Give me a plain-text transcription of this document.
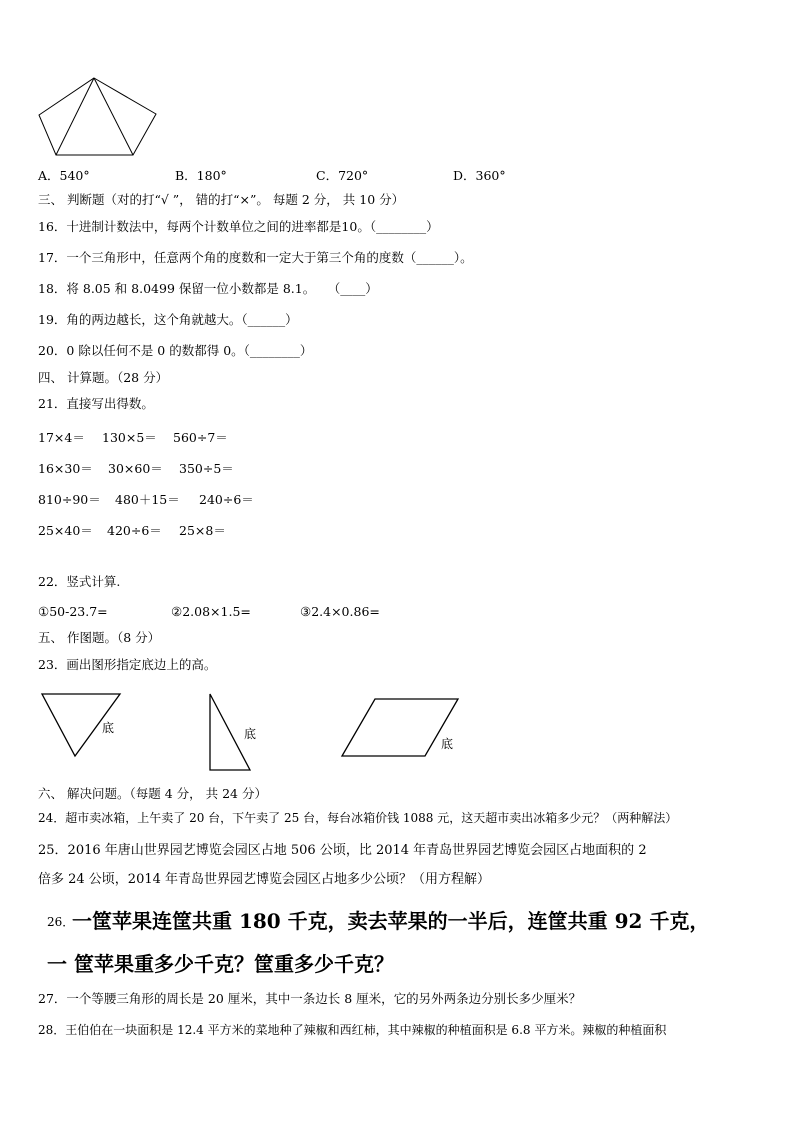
A．540°	B．180°	C．720°	D．360°
三、 判断题（对的打“√ ”， 错的打“×”。 每题 2 分， 共 10 分）
16．十进制计数法中，每两个计数单位之间的进率都是10。（________）
17．一个三角形中，任意两个角的度数和一定大于第三个角的度数（______）。
18．将 8.05 和 8.0499 保留一位小数都是 8.1。　　（____）
19．角的两边越长，这个角就越大。（______）
20．0 除以任何不是 0 的数都得 0。（________）
四、 计算题。（28 分）
21．直接写出得数。
17×4＝ 130×5＝ 560÷7＝
16×30＝ 30×60＝ 350÷5＝
810÷90＝ 480＋15＝ 240÷6＝
25×40＝ 420÷6＝ 25×8＝
22．竖式计算.
①50-23.7=	②2.08×1.5=	③2.4×0.86=
五、 作图题。（8 分）
23．画出图形指定底边上的高。
底	底
底
六、 解决问题。（每题 4 分， 共 24 分）
24．超市卖冰箱，上午卖了 20 台，下午卖了 25 台，每台冰箱价钱 1088 元，这天超市卖出冰箱多少元？（两种解法）
25．2016 年唐山世界园艺博览会园区占地 506 公顷，比 2014 年青岛世界园艺博览会园区占地面积的 2
倍多 24 公顷，2014 年青岛世界园艺博览会园区占地多少公顷？（用方程解）
26．
一筐苹果连筐共重 180 千克，卖去苹果的一半后，连筐共重 92 千克，
一 筐苹果重多少千克？筐重多少千克？
27．一个等腰三角形的周长是 20 厘米，其中一条边长 8 厘米，它的另外两条边分别长多少厘米？
28．王伯伯在一块面积是 12.4 平方米的菜地种了辣椒和西红柿，其中辣椒的种植面积是 6.8 平方米。辣椒的种植面积
